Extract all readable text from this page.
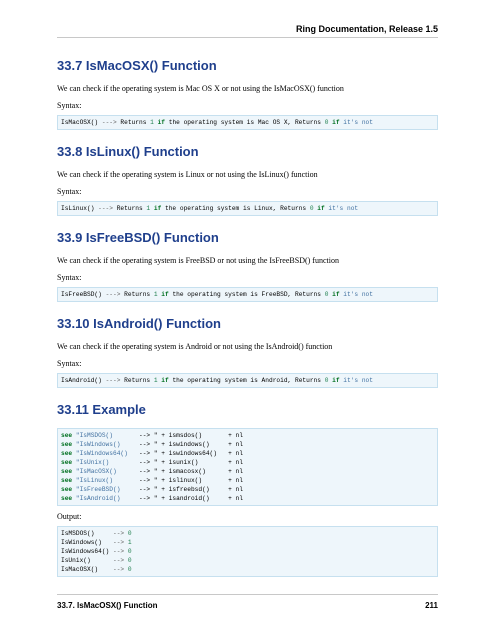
Ring Documentation, Release 1.5
33.7 IsMacOSX() Function

We can check if the operating system is Mac OS X or not using the IsMacOSX() function

Syntax:

IsMacOSX() ---> Returns 1 if the operating system is Mac OS X, Returns 0 if it's not
33.8 IsLinux() Function

We can check if the operating system is Linux or not using the IsLinux() function

Syntax:

IsLinux() ---> Returns 1 if the operating system is Linux, Returns 0 if it's not
33.9 IsFreeBSD() Function

We can check if the operating system is FreeBSD or not using the IsFreeBSD() function

Syntax:

IsFreeBSD() ---> Returns 1 if the operating system is FreeBSD, Returns 0 if it's not
33.10 IsAndroid() Function

We can check if the operating system is Android or not using the IsAndroid() function

Syntax:

IsAndroid() ---> Returns 1 if the operating system is Android, Returns 0 if it's not
33.11 Example
see "IsMSDOS()       --> " + ismsdos()       + nl
see "IsWindows()     --> " + iswindows()     + nl
see "IsWindows64()   --> " + iswindows64()   + nl
see "IsUnix()        --> " + isunix()        + nl
see "IsMacOSX()      --> " + ismacosx()      + nl
see "IsLinux()       --> " + islinux()       + nl
see "IsFreeBSD()     --> " + isfreebsd()     + nl
see "IsAndroid()     --> " + isandroid()     + nl

Output:

IsMSDOS()     --> 0
IsWindows()   --> 1
IsWindows64() --> 0
IsUnix()      --> 0
IsMacOSX()    --> 0
33.7. IsMacOSX() Function	211
